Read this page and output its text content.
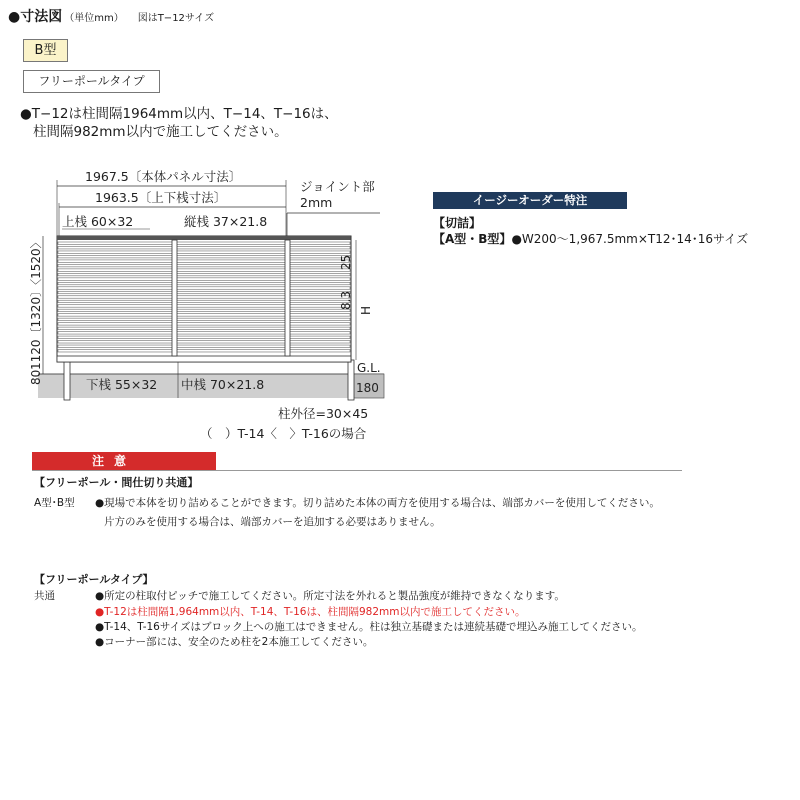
●寸法図 （単位mm） 図はT−12サイズ
B型
フリーポールタイプ
●T−12は柱間隔1964mm以内、T−14、T−16は、
柱間隔982mm以内で施工してください。
1967.5〔本体パネル寸法〕
1963.5〔上下桟寸法〕
ジョイント部
2mm
上桟 60×32	縦桟 37×21.8
25
8.3
H
1120〔1320〕〈1520〉
80
G.L.
180
下桟 55×32 中桟 70×21.8
柱外径=30×45
（　）T-14〈　〉T-16の場合
イージーオーダー特注
【切詰】
【A型・B型】●W200〜1,967.5mm×T12･14･16サイズ
注意
【フリーポール・間仕切り共通】
A型･B型 ●現場で本体を切り詰めることができます。切り詰めた本体の両方を使用する場合は、端部カバーを使用してください。
片方のみを使用する場合は、端部カバーを追加する必要はありません。
【フリーポールタイプ】
共通	●所定の柱取付ピッチで施工してください。所定寸法を外れると製品強度が維持できなくなります。
●T-12は柱間隔1,964mm以内、T-14、T-16は、柱間隔982mm以内で施工してください。
●T-14、T-16サイズはブロック上への施工はできません。柱は独立基礎または連続基礎で埋込み施工してください。
●コーナー部には、安全のため柱を2本施工してください。
